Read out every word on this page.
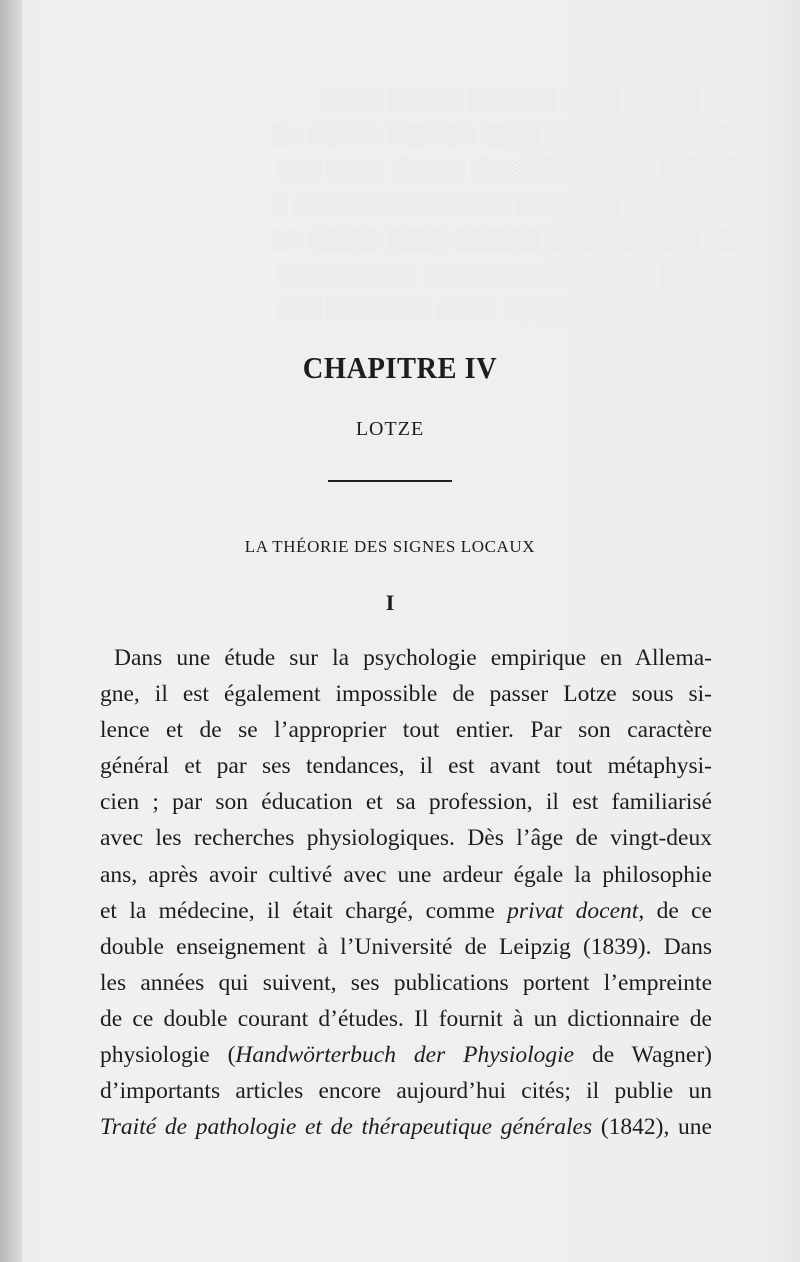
░░░ ░░░░░ ░░░░ ░░░░░░ ░░░░░ ░░░░
░░░░ ░░░░░░░ ░░ ░░░░ ░░░░░░ ░░░░░ ░░
░░░░░░ ░░░░░ ░░░░░░░ ░░░░░ ░░░░ ░░░
░░░░░ ░░░ ░░░░░░░ ░░░░ ░░░░░ ░░░░░ ░
░░░ ░░░░░░ ░░░░ ░░░░░░ ░░░░ ░░░░░ ░░
░░░░░░ ░░░ ░░░░░ ░░░░░░░ ░░░ ░░░░░░
░░░░ ░░░░░░ ░░░░░░ ░░░░ ░░░░░░░ ░░░
CHAPITRE IV
LOTZE
LA THÉORIE DES SIGNES LOCAUX
I
Dans une étude sur la psychologie empirique en Allema-
gne, il est également impossible de passer Lotze sous si-
lence et de se l’approprier tout entier. Par son caractère
général et par ses tendances, il est avant tout métaphysi-
cien ; par son éducation et sa profession, il est familiarisé
avec les recherches physiologiques. Dès l’âge de vingt-deux
ans, après avoir cultivé avec une ardeur égale la philosophie
et la médecine, il était chargé, comme privat docent, de ce
double enseignement à l’Université de Leipzig (1839). Dans
les années qui suivent, ses publications portent l’empreinte
de ce double courant d’études. Il fournit à un dictionnaire de
physiologie (Handwörterbuch der Physiologie de Wagner)
d’importants articles encore aujourd’hui cités; il publie un
Traité de pathologie et de thérapeutique générales (1842), une
